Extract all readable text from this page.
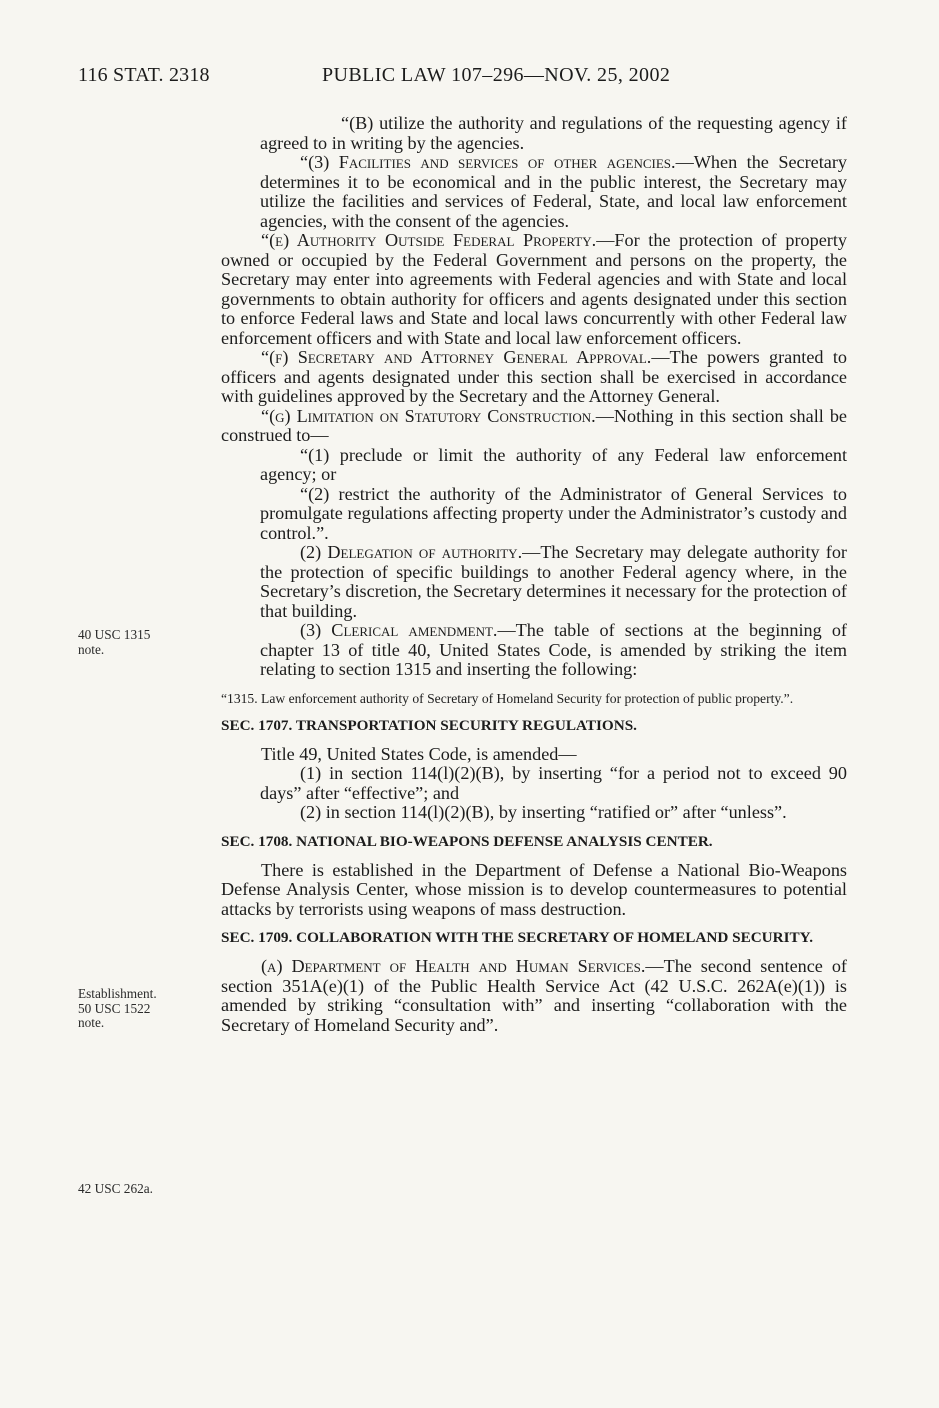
116 STAT. 2318	PUBLIC LAW 107–296—NOV. 25, 2002
40 USC 1315
note.
Establishment.
50 USC 1522
note.
42 USC 262a.

“(B) utilize the authority and regulations of the requesting agency if agreed to in writing by the agencies.

“(3) Facilities and services of other agencies.—When the Secretary determines it to be economical and in the public interest, the Secretary may utilize the facilities and services of Federal, State, and local law enforcement agencies, with the consent of the agencies.

“(e) Authority Outside Federal Property.—For the protection of property owned or occupied by the Federal Government and persons on the property, the Secretary may enter into agreements with Federal agencies and with State and local governments to obtain authority for officers and agents designated under this section to enforce Federal laws and State and local laws concurrently with other Federal law enforcement officers and with State and local law enforcement officers.

“(f) Secretary and Attorney General Approval.—The powers granted to officers and agents designated under this section shall be exercised in accordance with guidelines approved by the Secretary and the Attorney General.

“(g) Limitation on Statutory Construction.—Nothing in this section shall be construed to—

“(1) preclude or limit the authority of any Federal law enforcement agency; or

“(2) restrict the authority of the Administrator of General Services to promulgate regulations affecting property under the Administrator’s custody and control.”.

(2) Delegation of authority.—The Secretary may delegate authority for the protection of specific buildings to another Federal agency where, in the Secretary’s discretion, the Secretary determines it necessary for the protection of that building.

(3) Clerical amendment.—The table of sections at the beginning of chapter 13 of title 40, United States Code, is amended by striking the item relating to section 1315 and inserting the following:

“1315. Law enforcement authority of Secretary of Homeland Security for protection of public property.”.

SEC. 1707. TRANSPORTATION SECURITY REGULATIONS.

Title 49, United States Code, is amended—

(1) in section 114(l)(2)(B), by inserting “for a period not to exceed 90 days” after “effective”; and

(2) in section 114(l)(2)(B), by inserting “ratified or” after “unless”.

SEC. 1708. NATIONAL BIO-WEAPONS DEFENSE ANALYSIS CENTER.

There is established in the Department of Defense a National Bio-Weapons Defense Analysis Center, whose mission is to develop countermeasures to potential attacks by terrorists using weapons of mass destruction.

SEC. 1709. COLLABORATION WITH THE SECRETARY OF HOMELAND SECURITY.

(a) Department of Health and Human Services.—The second sentence of section 351A(e)(1) of the Public Health Service Act (42 U.S.C. 262A(e)(1)) is amended by striking “consultation with” and inserting “collaboration with the Secretary of Homeland Security and”.
